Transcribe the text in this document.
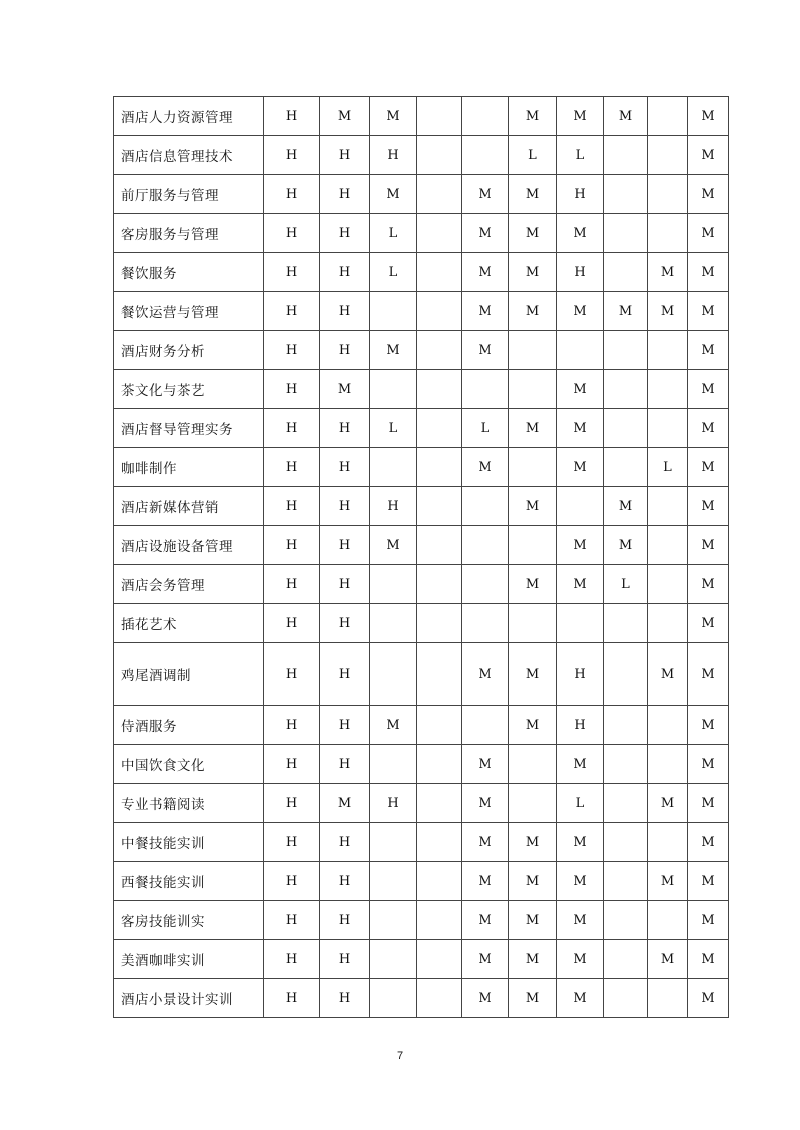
酒店人力资源管理	H	M	M			M	M	M		M
酒店信息管理技术	H	H	H			L	L			M
前厅服务与管理	H	H	M		M	M	H			M
客房服务与管理	H	H	L		M	M	M			M
餐饮服务	H	H	L		M	M	H		M	M
餐饮运营与管理	H	H			M	M	M	M	M	M
酒店财务分析	H	H	M		M					M
茶文化与茶艺	H	M					M			M
酒店督导管理实务	H	H	L		L	M	M			M
咖啡制作	H	H			M		M		L	M
酒店新媒体营销	H	H	H			M		M		M
酒店设施设备管理	H	H	M				M	M		M
酒店会务管理	H	H				M	M	L		M
插花艺术	H	H								M
鸡尾酒调制	H	H			M	M	H		M	M
侍酒服务	H	H	M			M	H			M
中国饮食文化	H	H			M		M			M
专业书籍阅读	H	M	H		M		L		M	M
中餐技能实训	H	H			M	M	M			M
西餐技能实训	H	H			M	M	M		M	M
客房技能训实	H	H			M	M	M			M
美酒咖啡实训	H	H			M	M	M		M	M
酒店小景设计实训	H	H			M	M	M			M
7
